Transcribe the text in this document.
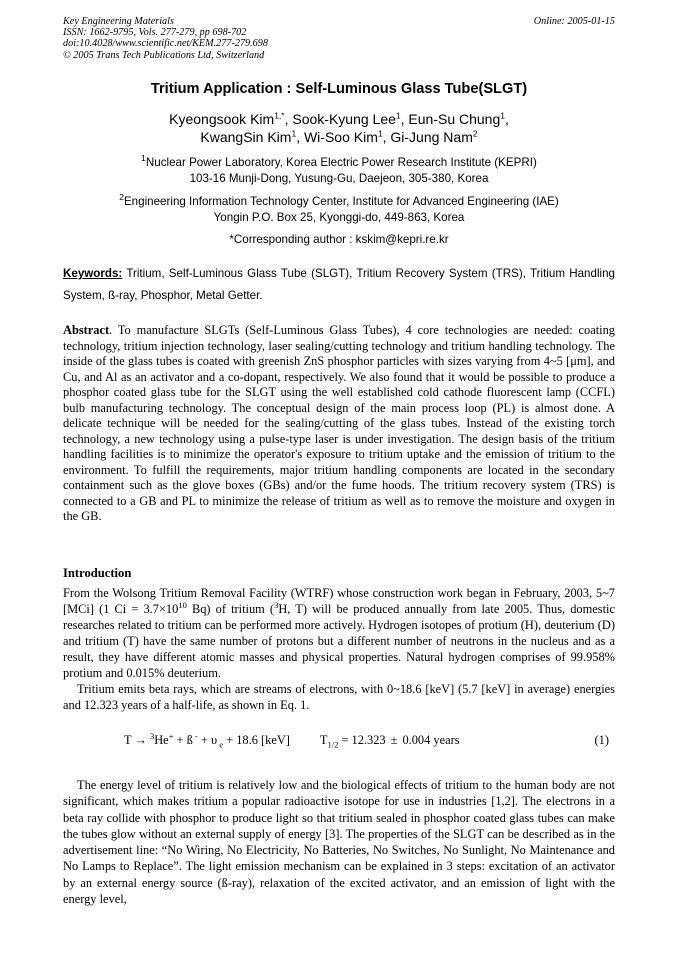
Key Engineering Materials
ISSN: 1662-9795, Vols. 277-279, pp 698-702
doi:10.4028/www.scientific.net/KEM.277-279.698
© 2005 Trans Tech Publications Ltd, Switzerland
Online: 2005-01-15
Tritium Application : Self-Luminous Glass Tube(SLGT)
Kyeongsook Kim$^{1,*}$, Sook-Kyung Lee$^1$, Eun-Su Chung$^1$,
KwangSin Kim$^1$, Wi-Soo Kim$^1$, Gi-Jung Nam$^2$
$^1$Nuclear Power Laboratory, Korea Electric Power Research Institute (KEPRI)
103-16 Munji-Dong, Yusung-Gu, Daejeon, 305-380, Korea
$^2$Engineering Information Technology Center, Institute for Advanced Engineering (IAE)
Yongin P.O. Box 25, Kyonggi-do, 449-863, Korea
*Corresponding author : kskim@kepri.re.kr
Keywords: Tritium, Self-Luminous Glass Tube (SLGT), Tritium Recovery System (TRS), Tritium Handling System, ß-ray, Phosphor, Metal Getter.
Abstract. To manufacture SLGTs (Self-Luminous Glass Tubes), 4 core technologies are needed: coating technology, tritium injection technology, laser sealing/cutting technology and tritium handling technology. The inside of the glass tubes is coated with greenish ZnS phosphor particles with sizes varying from 4~5 [μm], and Cu, and Al as an activator and a co-dopant, respectively. We also found that it would be possible to produce a phosphor coated glass tube for the SLGT using the well established cold cathode fluorescent lamp (CCFL) bulb manufacturing technology. The conceptual design of the main process loop (PL) is almost done. A delicate technique will be needed for the sealing/cutting of the glass tubes. Instead of the existing torch technology, a new technology using a pulse-type laser is under investigation. The design basis of the tritium handling facilities is to minimize the operator's exposure to tritium uptake and the emission of tritium to the environment. To fulfill the requirements, major tritium handling components are located in the secondary containment such as the glove boxes (GBs) and/or the fume hoods. The tritium recovery system (TRS) is connected to a GB and PL to minimize the release of tritium as well as to remove the moisture and oxygen in the GB.
Introduction
From the Wolsong Tritium Removal Facility (WTRF) whose construction work began in February, 2003, 5~7 [MCi] (1 $Ci = 3.7\times 10^{10}$ Bq) of tritium ($^3$H, T) will be produced annually from late 2005. Thus, domestic researches related to tritium can be performed more actively. Hydrogen isotopes of protium (H), deuterium (D) and tritium (T) have the same number of protons but a different number of neutrons in the nucleus and as a result, they have different atomic masses and physical properties. Natural hydrogen comprises of 99.958% protium and 0.015% deuterium.
Tritium emits beta rays, which are streams of electrons, with 0~18.6 [keV] (5.7 [keV] in average) energies and 12.323 years of a half-life, as shown in Eq. 1.
T → $^3$He+ + ß - + υ $_e$ + 18.6 [keV] $T_{1/2} = 12.323 \pm 0.004$ years	(1)
The energy level of tritium is relatively low and the biological effects of tritium to the human body are not significant, which makes tritium a popular radioactive isotope for use in industries [1,2]. The electrons in a beta ray collide with phosphor to produce light so that tritium sealed in phosphor coated glass tubes can make the tubes glow without an external supply of energy [3]. The properties of the SLGT can be described as in the advertisement line: “No Wiring, No Electricity, No Batteries, No Switches, No Sunlight, No Maintenance and No Lamps to Replace”. The light emission mechanism can be explained in 3 steps: excitation of an activator by an external energy source (ß-ray), relaxation of the excited activator, and an emission of light with the energy level,
